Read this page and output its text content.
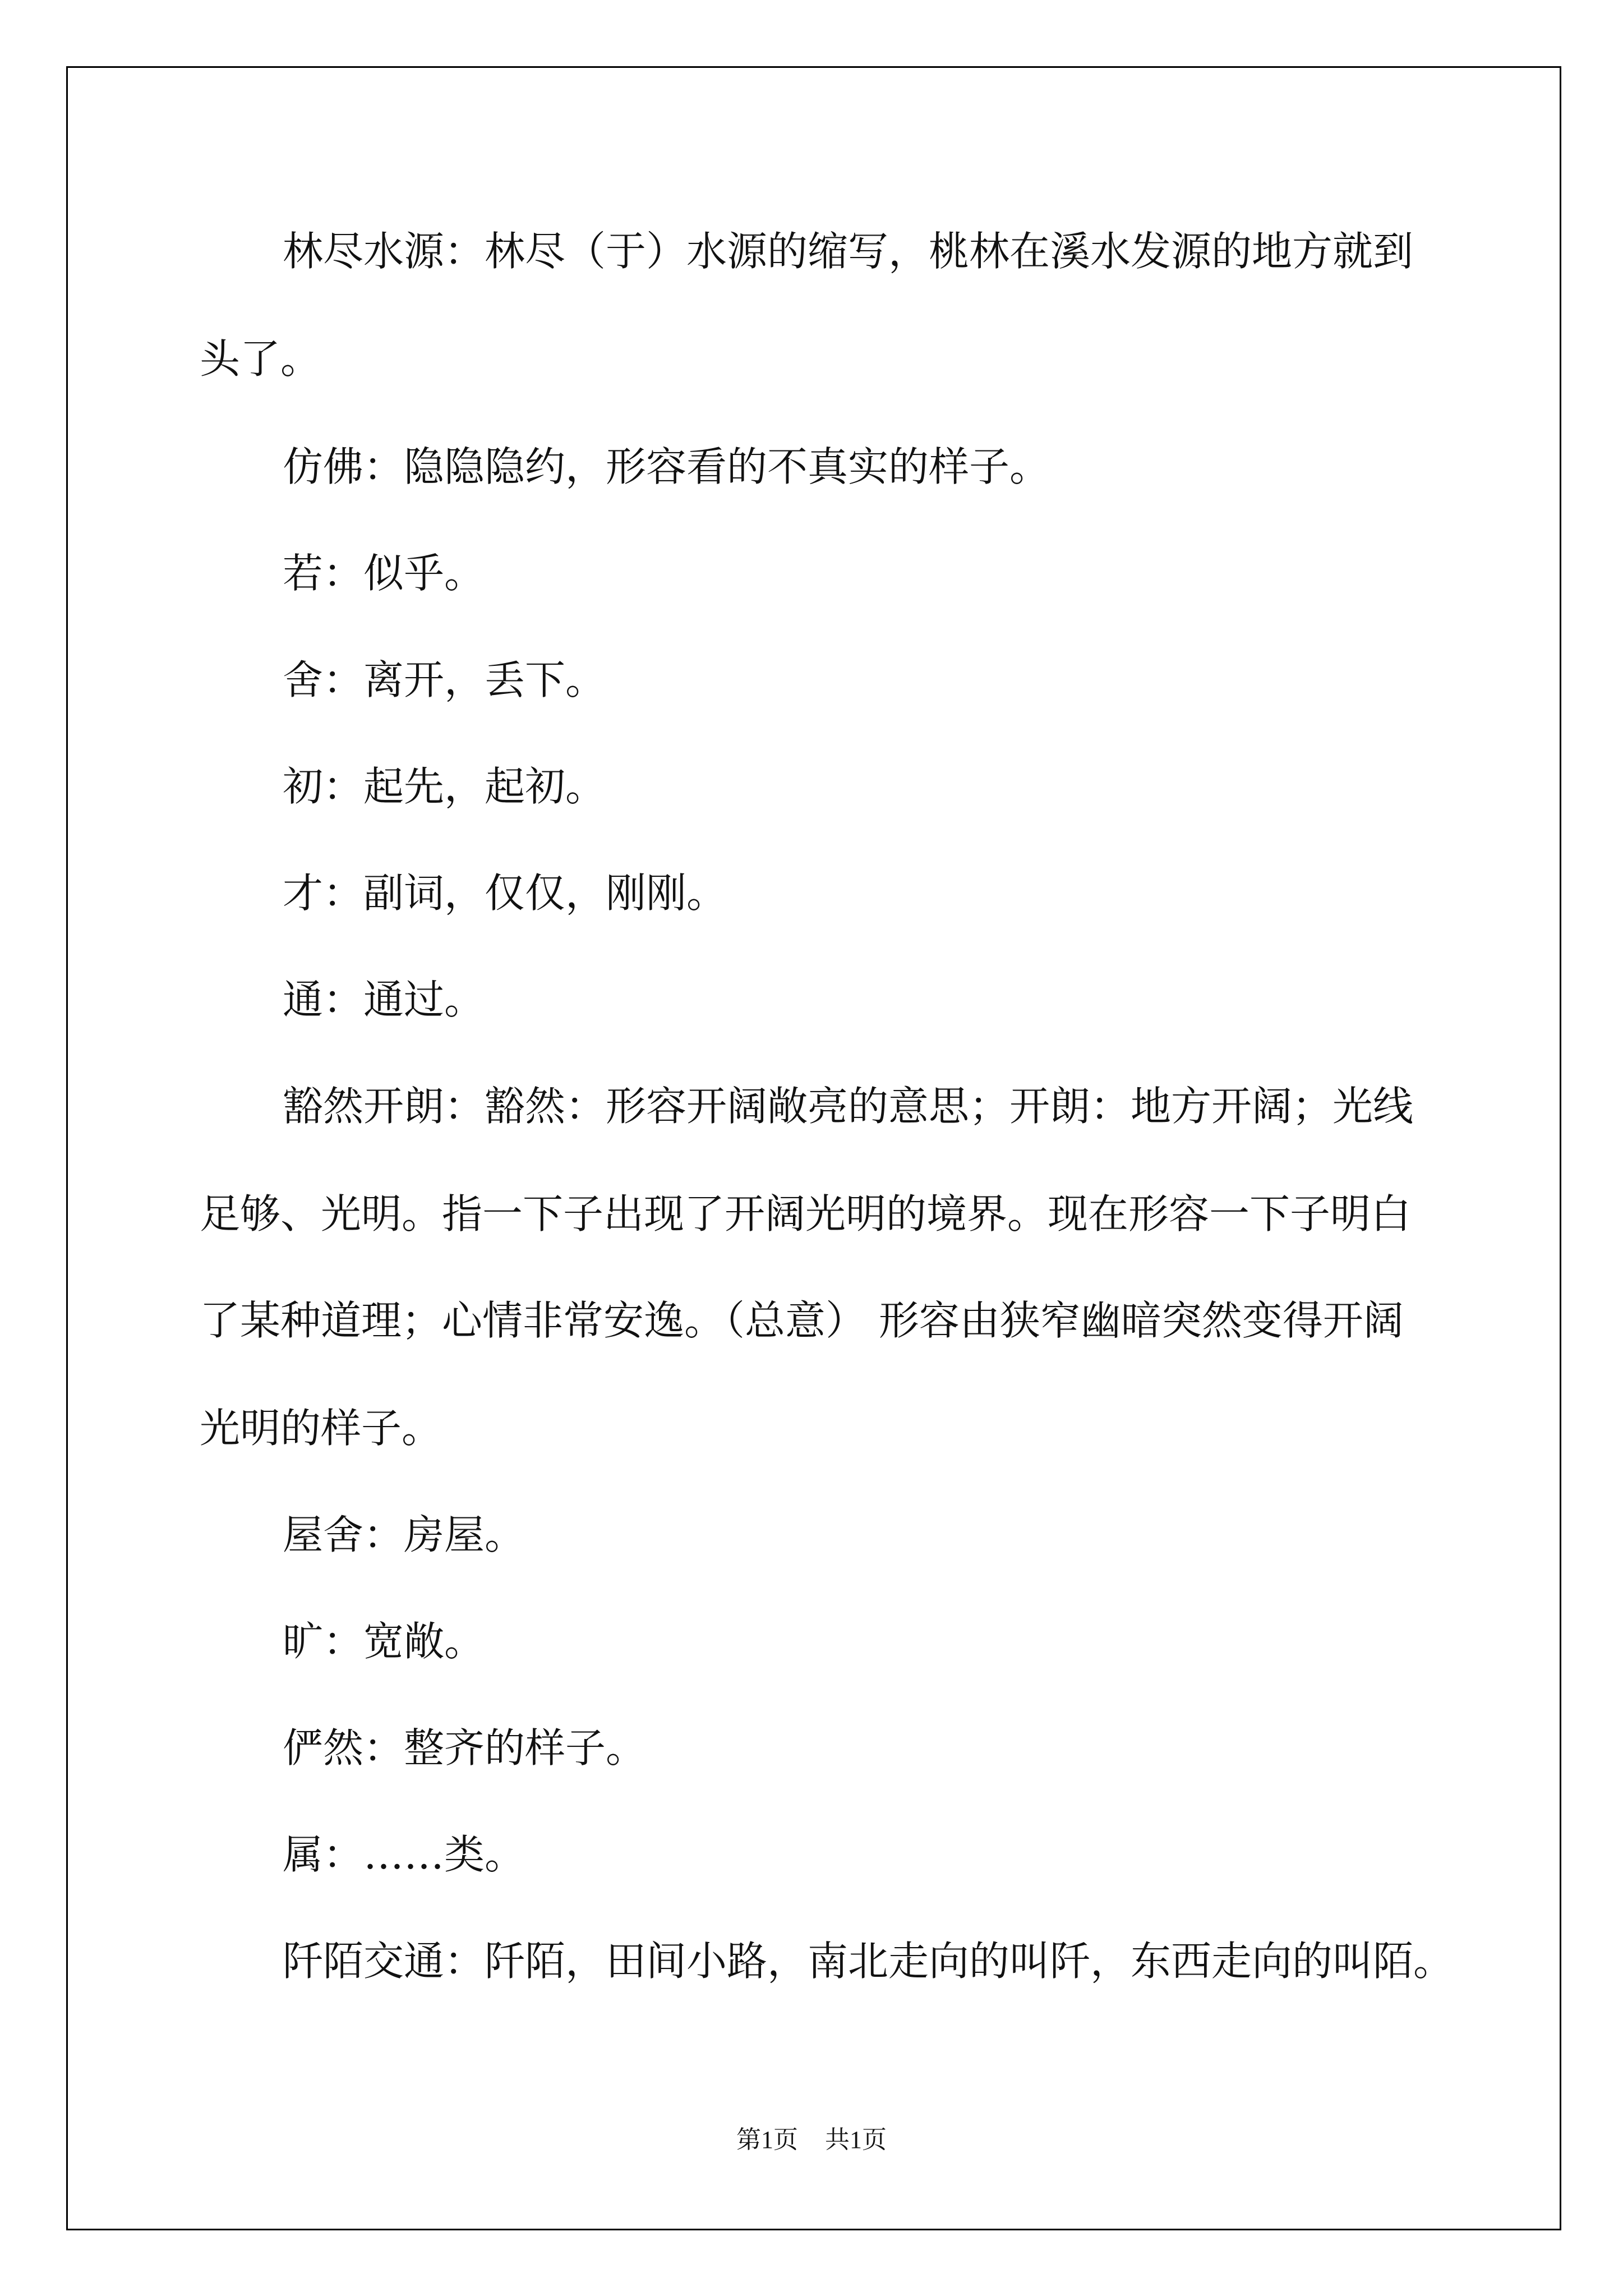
林尽水源：林尽（于）水源的缩写，桃林在溪水发源的地方就到
头了。
仿佛：隐隐隐约，形容看的不真实的样子。
若：似乎。
舍：离开，丢下。
初：起先，起初。
才：副词，仅仅，刚刚。
通：通过。
豁然开朗：豁然：形容开阔敞亮的意思；开朗：地方开阔；光线
足够、光明。指一下子出现了开阔光明的境界。现在形容一下子明白
了某种道理；心情非常安逸。（总意） 形容由狭窄幽暗突然变得开阔
光明的样子。
屋舍：房屋。
旷：宽敞。
俨然：整齐的样子。
属：……类。
阡陌交通：阡陌，田间小路，南北走向的叫阡，东西走向的叫陌。
第1页 共1页
